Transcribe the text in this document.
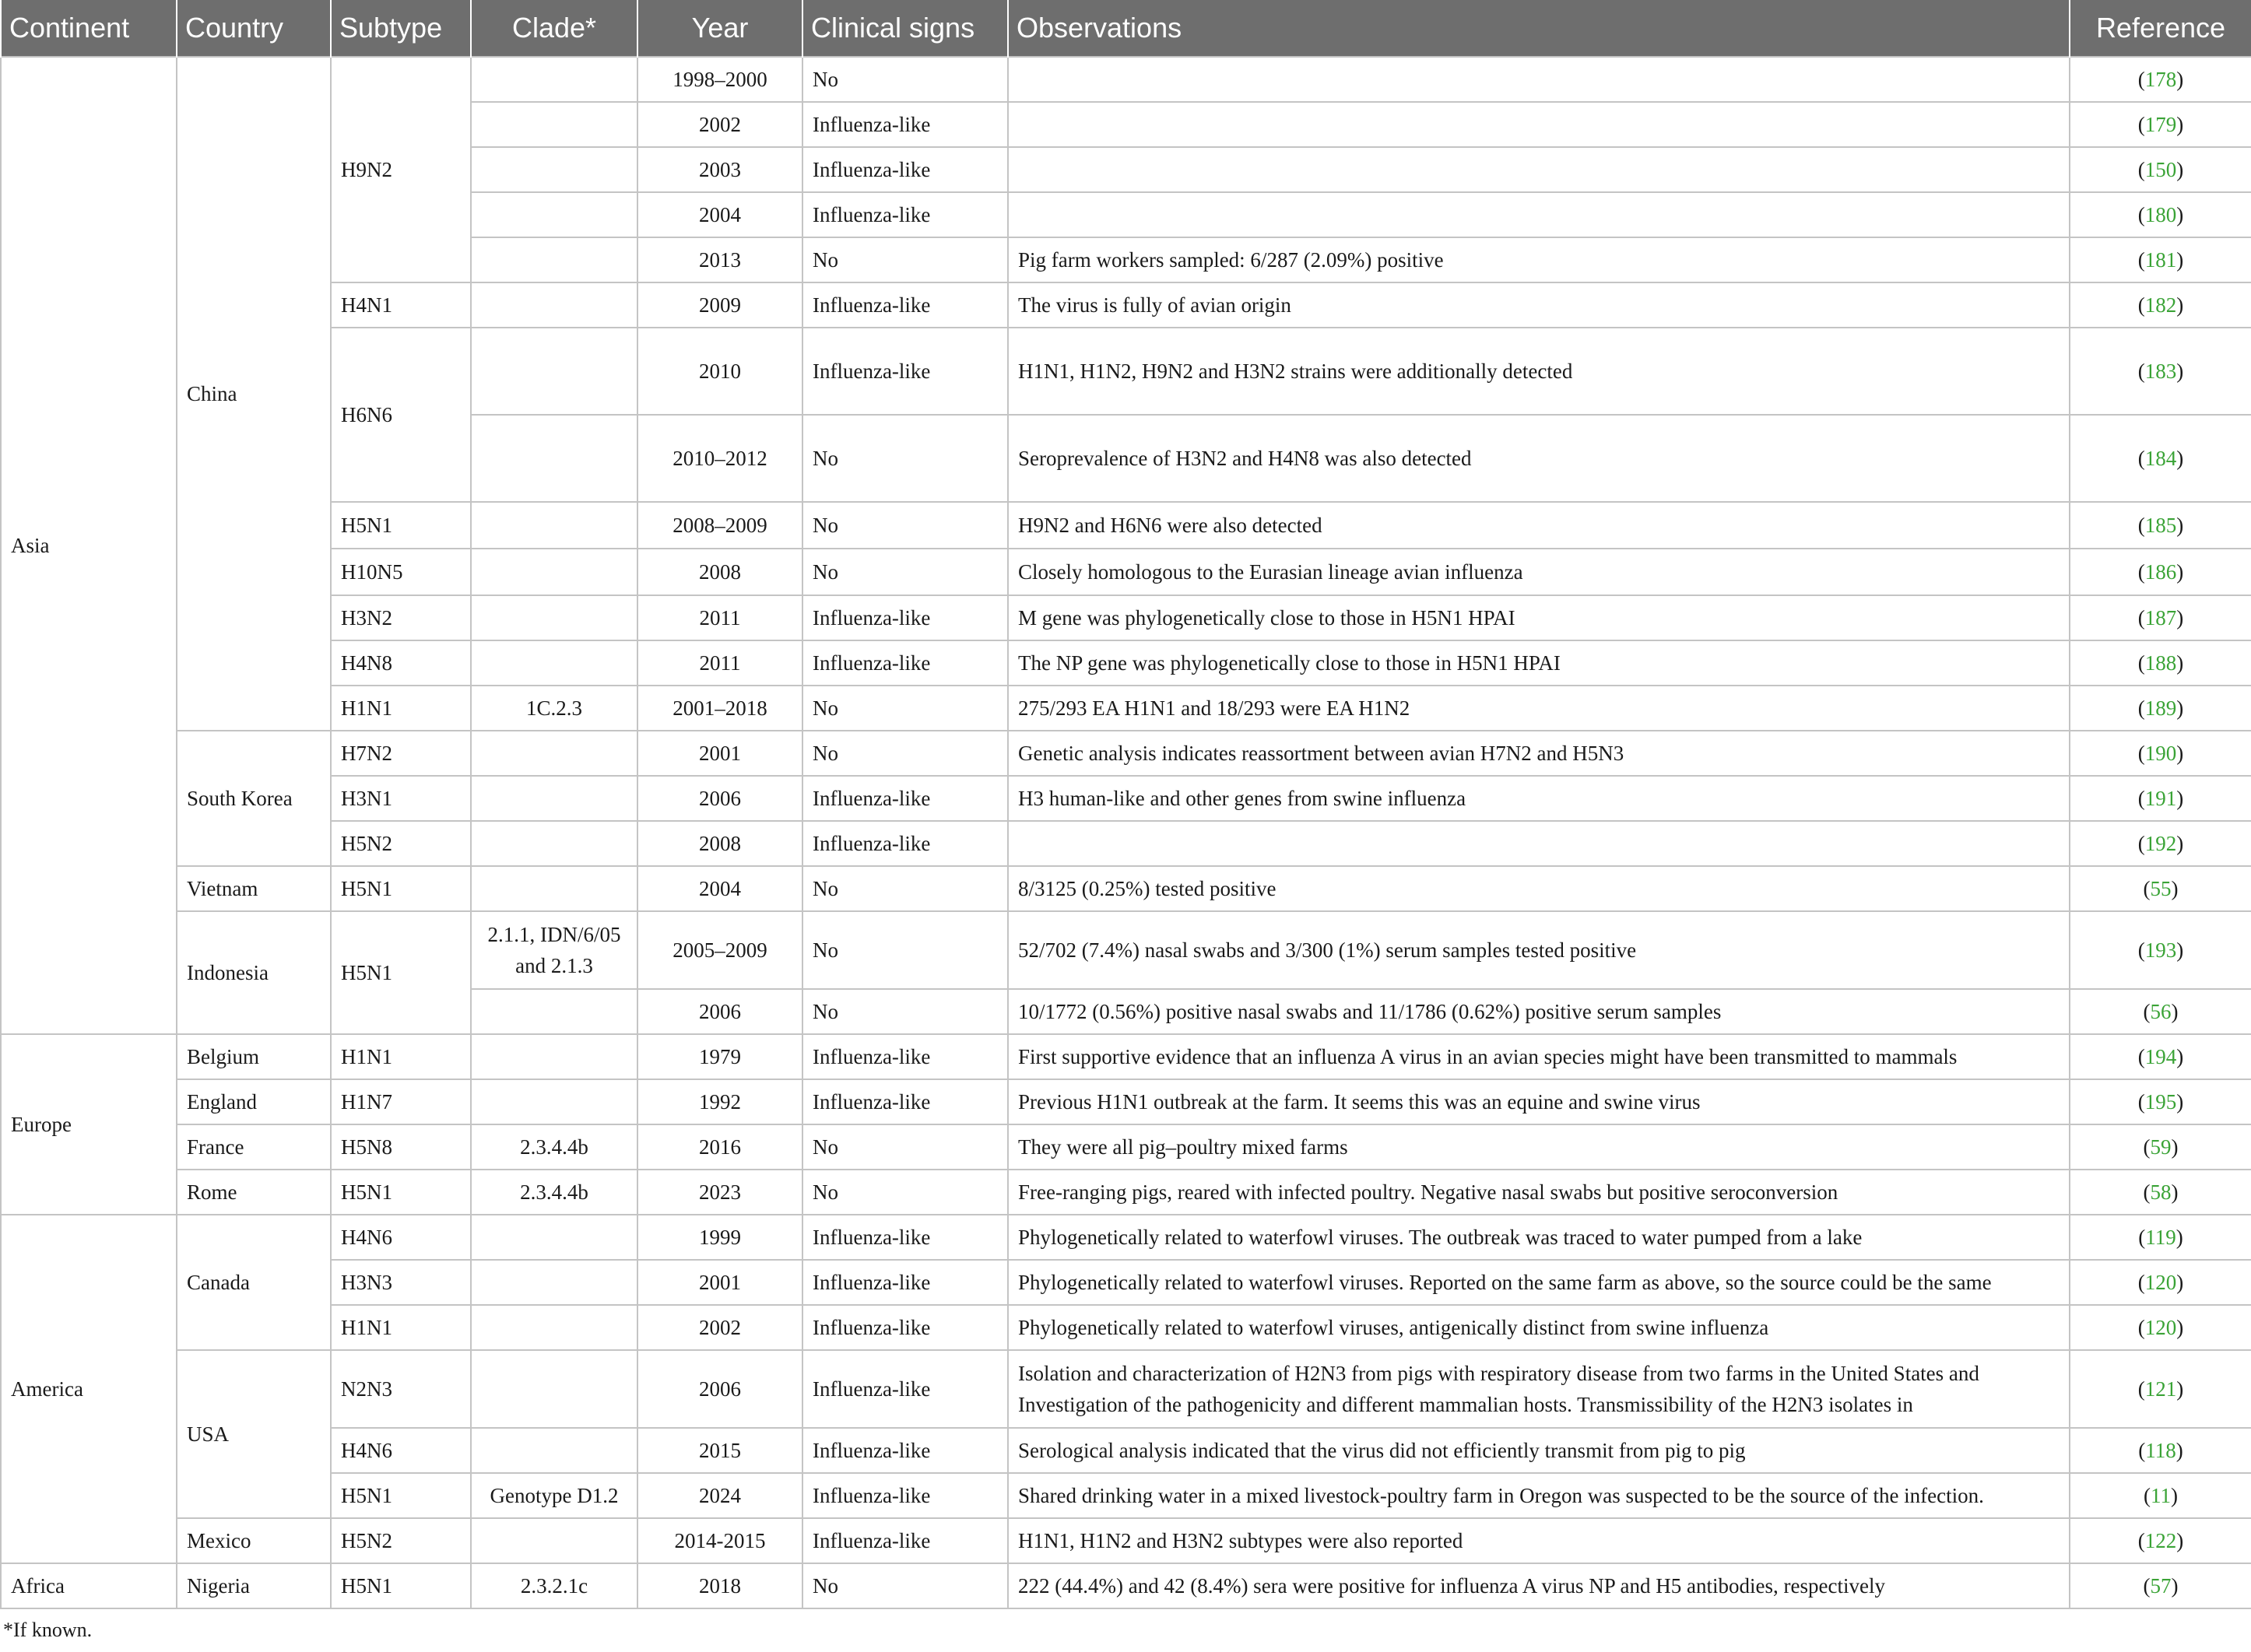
Continent	Country	Subtype	Clade*	Year	Clinical signs	Observations	Reference
Asia	China	H9N2		1998–2000	No		(178)
				2002	Influenza-like		(179)
				2003	Influenza-like		(150)
				2004	Influenza-like		(180)
				2013	No	Pig farm workers sampled: 6/287 (2.09%) positive	(181)
		H4N1		2009	Influenza-like	The virus is fully of avian origin	(182)
		H6N6		2010	Influenza-like	H1N1, H1N2, H9N2 and H3N2 strains were additionally detected	(183)
				2010–2012	No	Seroprevalence of H3N2 and H4N8 was also detected	(184)
		H5N1		2008–2009	No	H9N2 and H6N6 were also detected	(185)
		H10N5		2008	No	Closely homologous to the Eurasian lineage avian influenza	(186)
		H3N2		2011	Influenza-like	M gene was phylogenetically close to those in H5N1 HPAI	(187)
		H4N8		2011	Influenza-like	The NP gene was phylogenetically close to those in H5N1 HPAI	(188)
		H1N1	1C.2.3	2001–2018	No	275/293 EA H1N1 and 18/293 were EA H1N2	(189)
	South Korea	H7N2		2001	No	Genetic analysis indicates reassortment between avian H7N2 and H5N3	(190)
		H3N1		2006	Influenza-like	H3 human-like and other genes from swine influenza	(191)
		H5N2		2008	Influenza-like		(192)
	Vietnam	H5N1		2004	No	8/3125 (0.25%) tested positive	(55)
	Indonesia	H5N1	2.1.1, IDN/6/05 and 2.1.3	2005–2009	No	52/702 (7.4%) nasal swabs and 3/300 (1%) serum samples tested positive	(193)
				2006	No	10/1772 (0.56%) positive nasal swabs and 11/1786 (0.62%) positive serum samples	(56)
Europe	Belgium	H1N1		1979	Influenza-like	First supportive evidence that an influenza A virus in an avian species might have been transmitted to mammals	(194)
	England	H1N7		1992	Influenza-like	Previous H1N1 outbreak at the farm. It seems this was an equine and swine virus	(195)
	France	H5N8	2.3.4.4b	2016	No	They were all pig–poultry mixed farms	(59)
	Rome	H5N1	2.3.4.4b	2023	No	Free-ranging pigs, reared with infected poultry. Negative nasal swabs but positive seroconversion	(58)
America	Canada	H4N6		1999	Influenza-like	Phylogenetically related to waterfowl viruses. The outbreak was traced to water pumped from a lake	(119)
		H3N3		2001	Influenza-like	Phylogenetically related to waterfowl viruses. Reported on the same farm as above, so the source could be the same	(120)
		H1N1		2002	Influenza-like	Phylogenetically related to waterfowl viruses, antigenically distinct from swine influenza	(120)
	USA	N2N3		2006	Influenza-like	Isolation and characterization of H2N3 from pigs with respiratory disease from two farms in the United States and Investigation of the pathogenicity and different mammalian hosts. Transmissibility of the H2N3 isolates in	(121)
		H4N6		2015	Influenza-like	Serological analysis indicated that the virus did not efficiently transmit from pig to pig	(118)
		H5N1	Genotype D1.2	2024	Influenza-like	Shared drinking water in a mixed livestock-poultry farm in Oregon was suspected to be the source of the infection.	(11)
	Mexico	H5N2		2014-2015	Influenza-like	H1N1, H1N2 and H3N2 subtypes were also reported	(122)
Africa	Nigeria	H5N1	2.3.2.1c	2018	No	222 (44.4%) and 42 (8.4%) sera were positive for influenza A virus NP and H5 antibodies, respectively	(57)
*If known.
